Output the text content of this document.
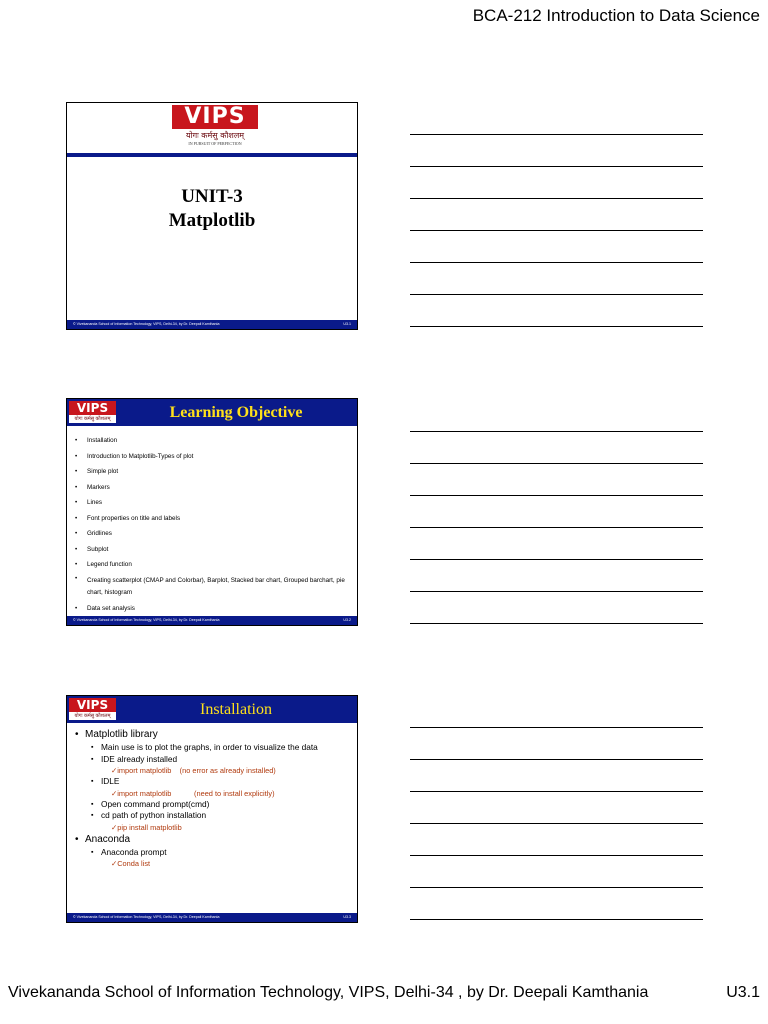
BCA-212 Introduction to Data Science
VIPS
योगः कर्मसु कौशलम्
IN PURSUIT OF PERFECTION
UNIT-3
Matplotlib
© Vivekananda School of Information Technology, VIPS, Delhi-34, by Dr. Deepali Kamthania	U3.1
VIPS
योगः कर्मसु कौशलम्	Learning Objective
• Installation
• Introduction to Matplotlib-Types of plot
• Simple plot
• Markers
• Lines
• Font properties on title and labels
• Gridlines
• Subplot
• Legend function
• Creating scatterplot (CMAP and Colorbar), Barplot, Stacked bar chart, Grouped barchart, pie chart, histogram
• Data set analysis
© Vivekananda School of Information Technology, VIPS, Delhi-34, by Dr. Deepali Kamthania	U3.2
VIPS
योगः कर्मसु कौशलम्	Installation
• Matplotlib library
▪ Main use is to plot the graphs, in order to visualize the data
▪ IDE already installed
✓import matplotlib (no error as already installed)
▪ IDLE
✓import matplotlib	(need to install explicitly)
▪ Open command prompt(cmd)
▪ cd path of python installation
✓pip install matplotlib
• Anaconda
▪ Anaconda prompt
✓Conda list
© Vivekananda School of Information Technology, VIPS, Delhi-34, by Dr. Deepali Kamthania	U3.3
Vivekananda School of Information Technology, VIPS, Delhi-34 , by Dr. Deepali Kamthania	U3.1
